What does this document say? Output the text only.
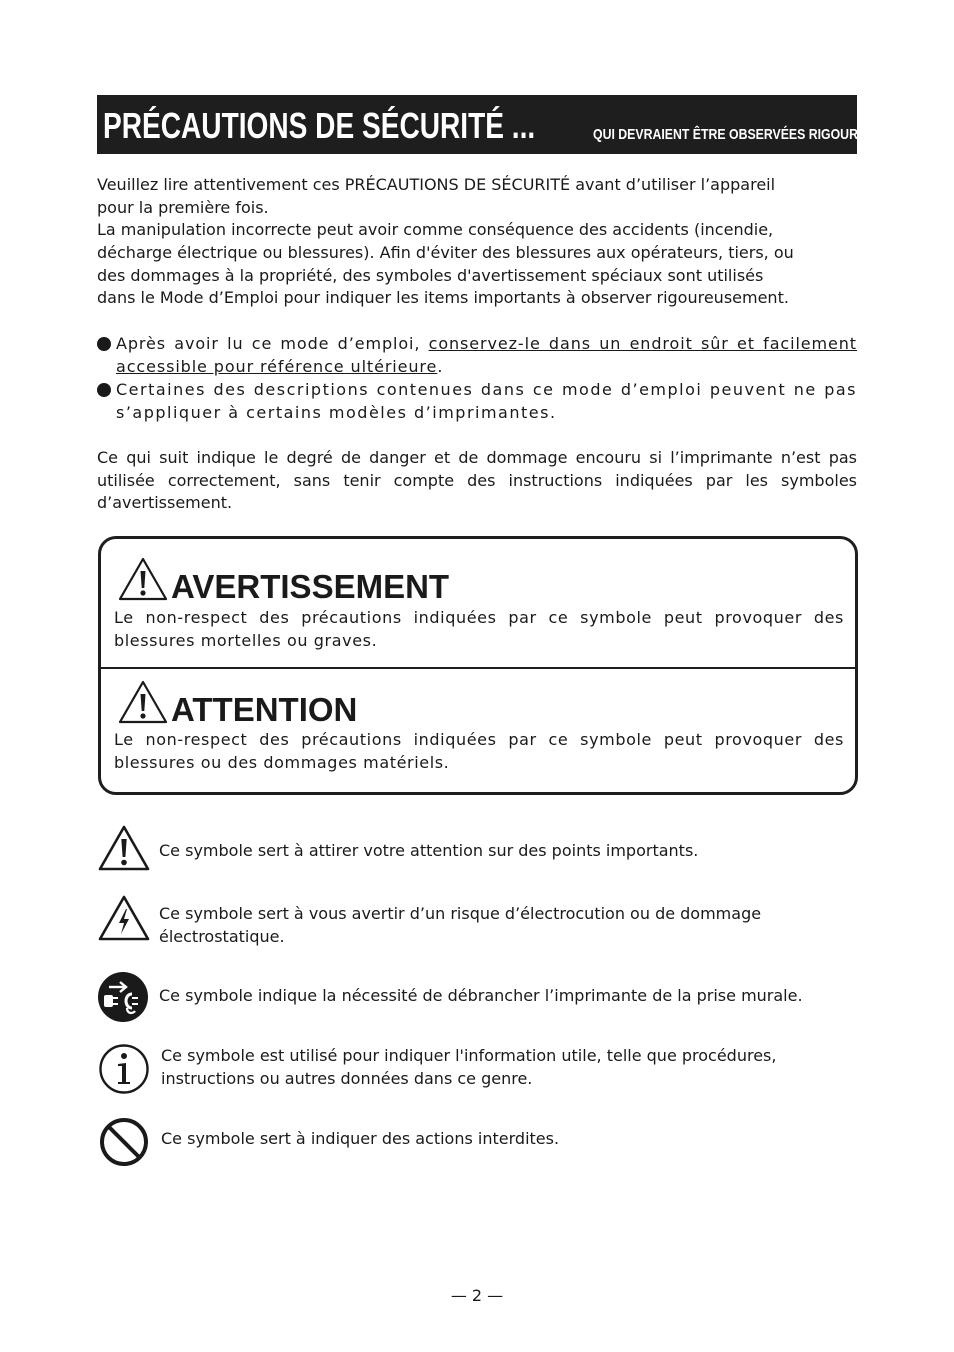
PRÉCAUTIONS DE SÉCURITÉ ...	QUI DEVRAIENT ÊTRE OBSERVÉES RIGOUREUSEMENT
Veuillez lire attentivement ces PRÉCAUTIONS DE SÉCURITÉ avant d’utiliser l’appareil
pour la première fois.
La manipulation incorrecte peut avoir comme conséquence des accidents (incendie,
décharge électrique ou blessures). Afin d'éviter des blessures aux opérateurs, tiers, ou
des dommages à la propriété, des symboles d'avertissement spéciaux sont utilisés
dans le Mode d’Emploi pour indiquer les items importants à observer rigoureusement.
Après avoir lu ce mode d’emploi, conservez-le dans un endroit sûr et facilement accessible pour référence ultérieure.
Certaines des descriptions contenues dans ce mode d’emploi peuvent ne pas s’appliquer à certains modèles d’imprimantes.
Ce qui suit indique le degré de danger et de dommage encouru si l’imprimante n’est pas utilisée correctement, sans tenir compte des instructions indiquées par les symboles d’avertissement.
AVERTISSEMENT
Le non-respect des précautions indiquées par ce symbole peut provoquer des blessures mortelles ou graves.
ATTENTION
Le non-respect des précautions indiquées par ce symbole peut provoquer des blessures ou des dommages matériels.
Ce symbole sert à attirer votre attention sur des points importants.
Ce symbole sert à vous avertir d’un risque d’électrocution ou de dommage électrostatique.
Ce symbole indique la nécessité de débrancher l’imprimante de la prise murale.
Ce symbole est utilisé pour indiquer l'information utile, telle que procédures, instructions ou autres données dans ce genre.
Ce symbole sert à indiquer des actions interdites.
— 2 —
